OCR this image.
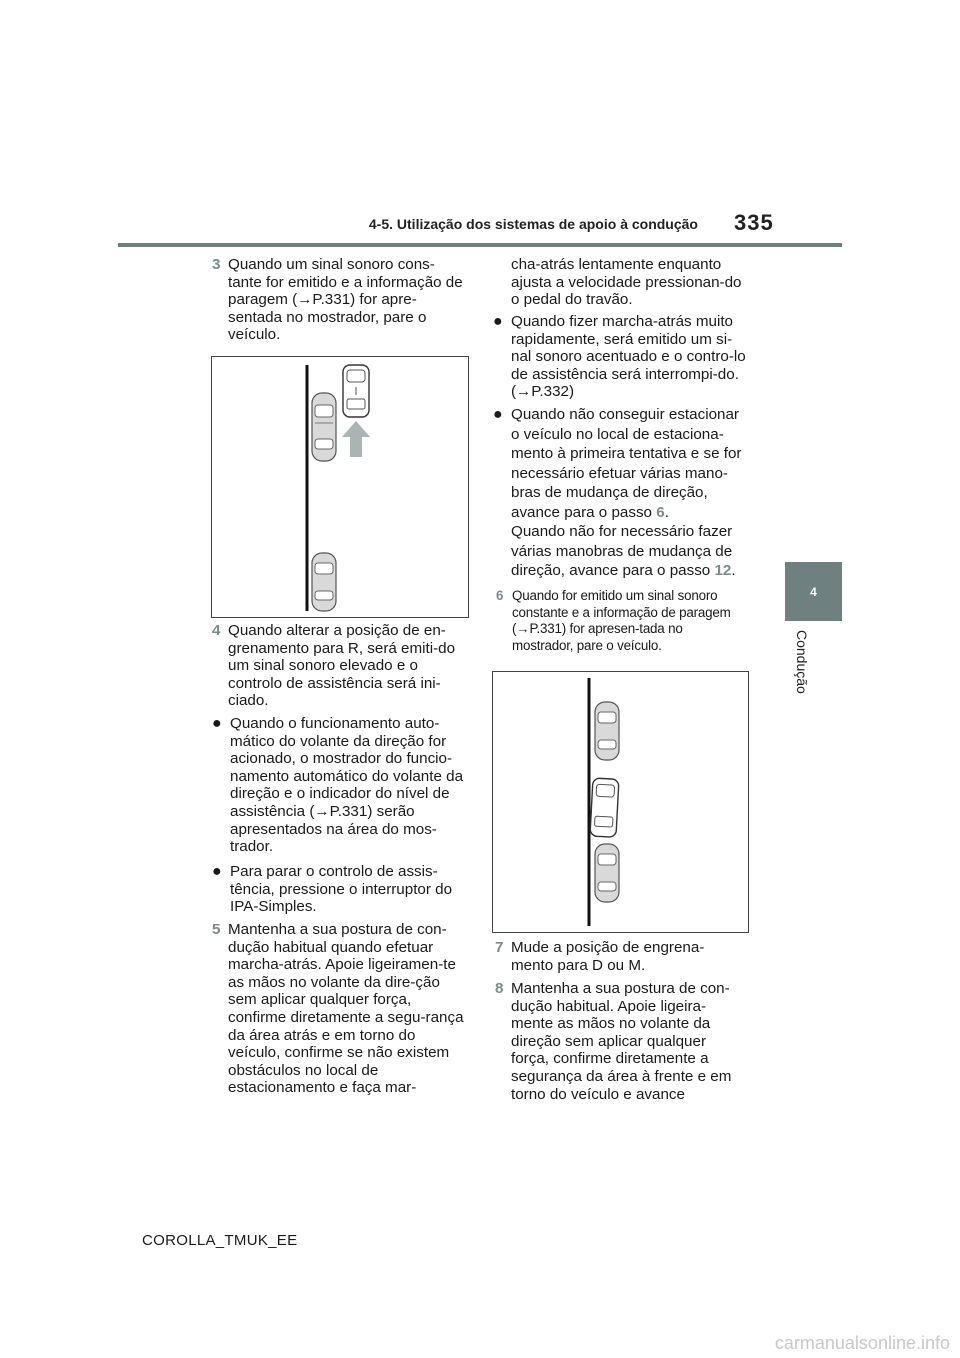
4-5. Utilização dos sistemas de apoio à condução 335
4
Condução
3 Quando um sinal sonoro cons-tante for emitido e a informação de paragem (→P.331) for apre-sentada no mostrador, pare o veículo.

4 Quando alterar a posição de en-grenamento para R, será emiti-do um sinal sonoro elevado e o controlo de assistência será ini-ciado.

● Quando o funcionamento auto-mático do volante da direção for acionado, o mostrador do funcio-namento automático do volante da direção e o indicador do nível de assistência (→P.331) serão apresentados na área do mos-trador.

● Para parar o controlo de assis-tência, pressione o interruptor do IPA-Simples.

5 Mantenha a sua postura de con-dução habitual quando efetuar marcha-atrás. Apoie ligeiramen-te as mãos no volante da dire-ção sem aplicar qualquer força, confirme diretamente a segu-rança da área atrás e em torno do veículo, confirme se não existem obstáculos no local de estacionamento e faça mar-

cha-atrás lentamente enquanto ajusta a velocidade pressionan-do o pedal do travão.
● Quando fizer marcha-atrás muito rapidamente, será emitido um si-nal sonoro acentuado e o contro-lo de assistência será interrompi-do. (→P.332)

● Quando não conseguir estacionar o veículo no local de estaciona-mento à primeira tentativa e se for necessário efetuar várias mano-bras de mudança de direção, avance para o passo 6.

Quando não for necessário fazer várias manobras de mudança de direção, avance para o passo 12.

6 Quando for emitido um sinal sonoro constante e a informação de paragem (→P.331) for apresen-tada no mostrador, pare o veículo.

7 Mude a posição de engrena-mento para D ou M.

8 Mantenha a sua postura de con-dução habitual. Apoie ligeira-mente as mãos no volante da direção sem aplicar qualquer força, confirme diretamente a segurança da área à frente e em torno do veículo e avance

COROLLA_TMUK_EE
carmanualsonline.info
